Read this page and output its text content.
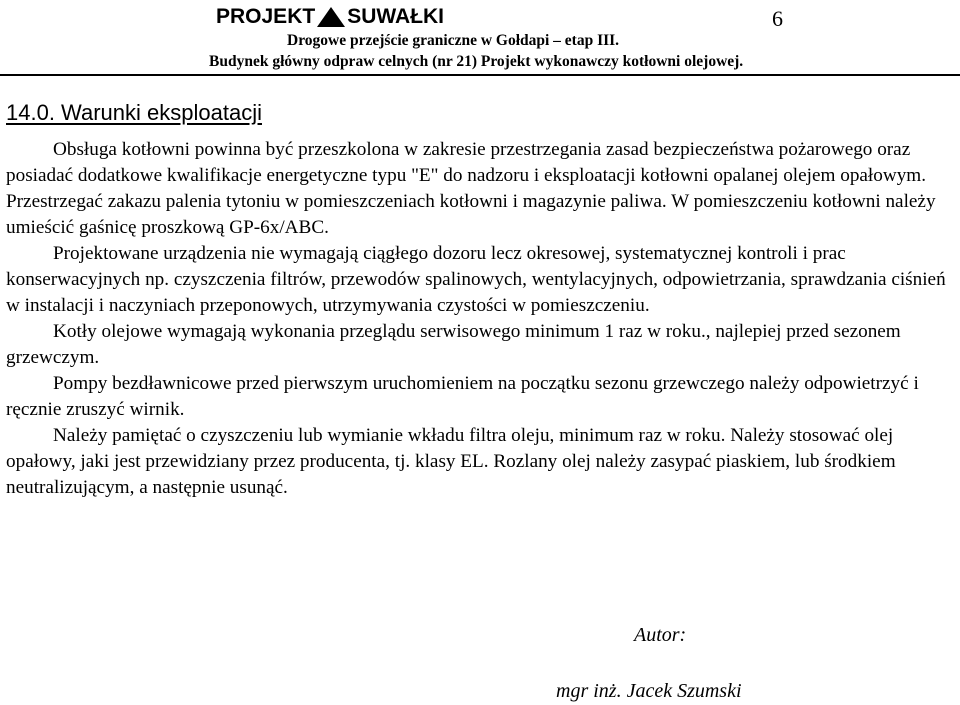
PROJEKT SUWAŁKI	6
Drogowe przejście graniczne w Gołdapi – etap III.
Budynek główny odpraw celnych (nr 21) Projekt wykonawczy kotłowni olejowej.
14.0. Warunki eksploatacji

Obsługa kotłowni powinna być przeszkolona w zakresie przestrzegania zasad bezpieczeństwa pożarowego oraz posiadać dodatkowe kwalifikacje energetyczne typu "E" do nadzoru i eksploatacji kotłowni opalanej olejem opałowym. Przestrzegać zakazu palenia tytoniu w pomieszczeniach kotłowni i magazynie paliwa. W pomieszczeniu kotłowni należy umieścić gaśnicę proszkową GP-6x/ABC.

Projektowane urządzenia nie wymagają ciągłego dozoru lecz okresowej, systematycznej kontroli i prac konserwacyjnych np. czyszczenia filtrów, przewodów spalinowych, wentylacyjnych, odpowietrzania, sprawdzania ciśnień w instalacji i naczyniach przeponowych, utrzymywania czystości w pomieszczeniu.

Kotły olejowe wymagają wykonania przeglądu serwisowego minimum 1 raz w roku., najlepiej przed sezonem grzewczym.

Pompy bezdławnicowe przed pierwszym uruchomieniem na początku sezonu grzewczego należy odpowietrzyć i ręcznie zruszyć wirnik.

Należy pamiętać o czyszczeniu lub wymianie wkładu filtra oleju, minimum raz w roku. Należy stosować olej opałowy, jaki jest przewidziany przez producenta, tj. klasy EL. Rozlany olej należy zasypać piaskiem, lub środkiem neutralizującym, a następnie usunąć.

Autor:
mgr inż. Jacek Szumski
